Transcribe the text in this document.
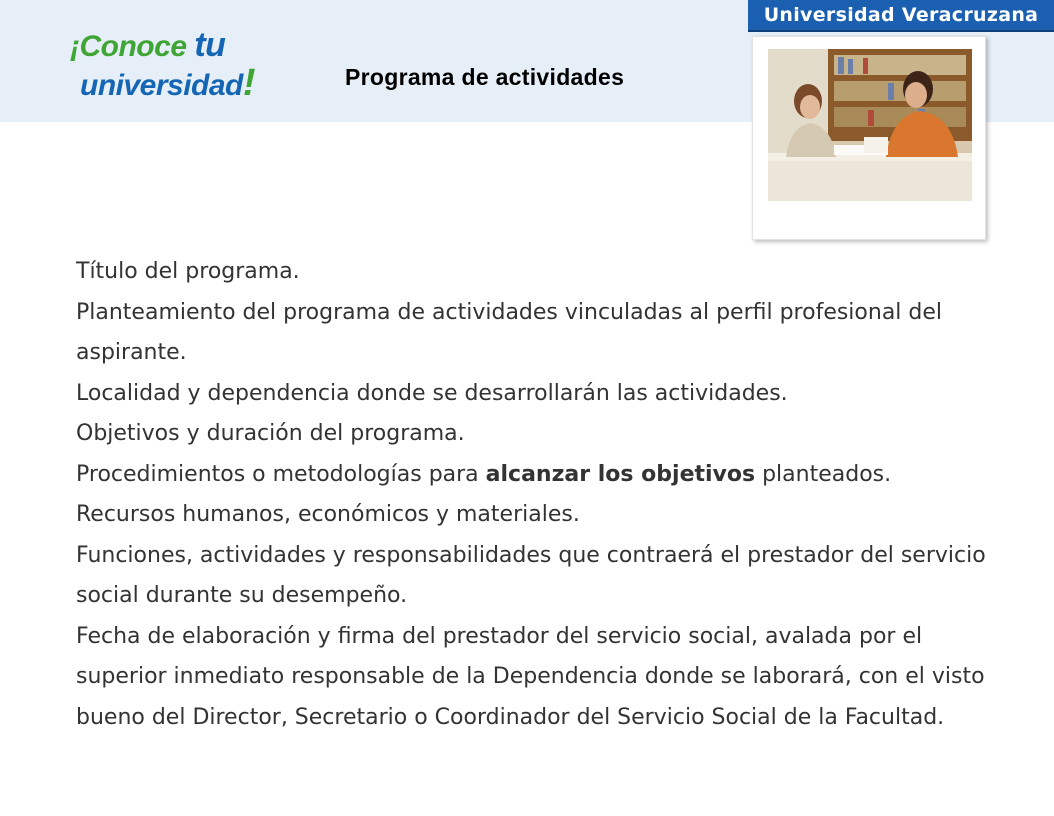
¡Conoce tu
universidad!	Programa de actividades
Universidad Veracruzana

Título del programa.

Planteamiento del programa de actividades vinculadas al perfil profesional del aspirante.

Localidad y dependencia donde se desarrollarán las actividades.

Objetivos y duración del programa.

Procedimientos o metodologías para alcanzar los objetivos planteados.

Recursos humanos, económicos y materiales.

Funciones, actividades y responsabilidades que contraerá el prestador del servicio social durante su desempeño.

Fecha de elaboración y firma del prestador del servicio social, avalada por el superior inmediato responsable de la Dependencia donde se laborará, con el visto bueno del Director, Secretario o Coordinador del Servicio Social de la Facultad.
